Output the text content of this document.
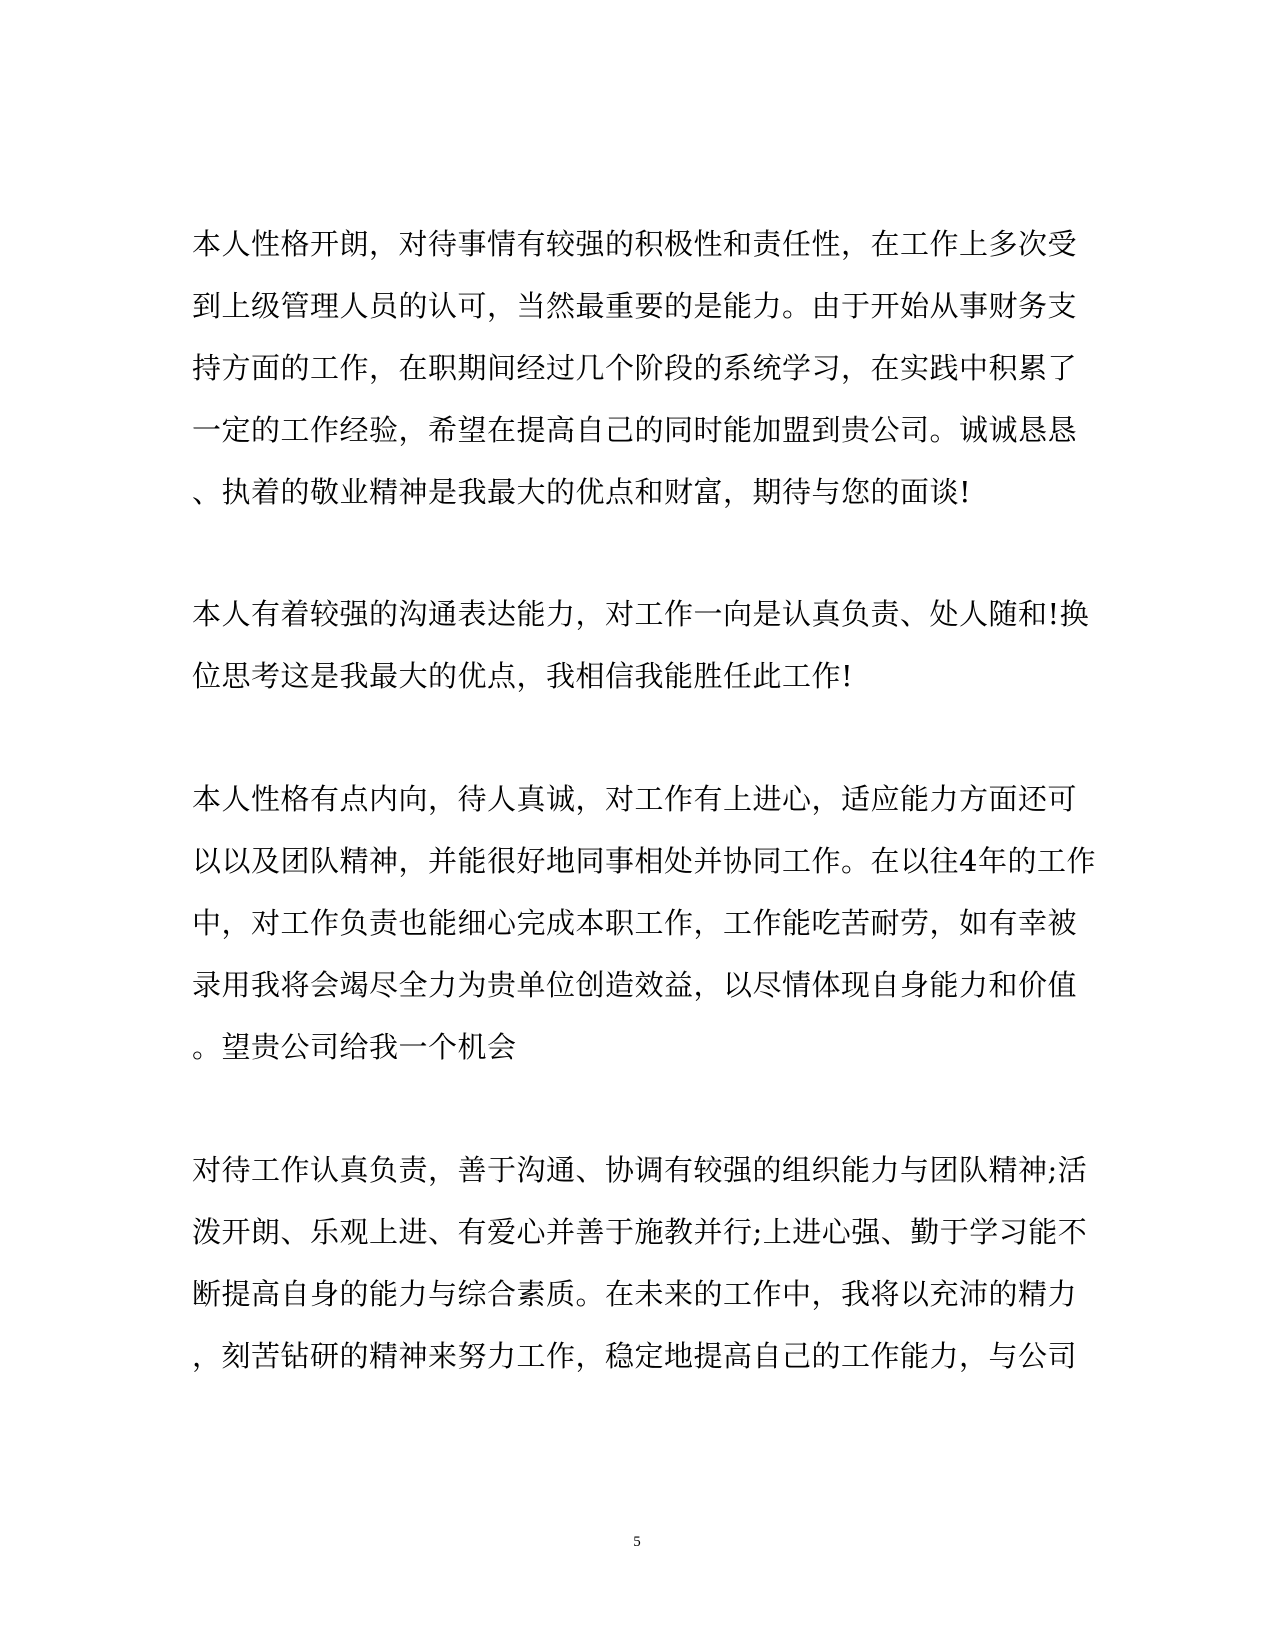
本人性格开朗，对待事情有较强的积极性和责任性，在工作上多次受
到上级管理人员的认可，当然最重要的是能力。由于开始从事财务支
持方面的工作，在职期间经过几个阶段的系统学习，在实践中积累了
一定的工作经验，希望在提高自己的同时能加盟到贵公司。诚诚恳恳
、执着的敬业精神是我最大的优点和财富，期待与您的面谈!
本人有着较强的沟通表达能力，对工作一向是认真负责、处人随和!换
位思考这是我最大的优点，我相信我能胜任此工作!
本人性格有点内向，待人真诚，对工作有上进心，适应能力方面还可
以以及团队精神，并能很好地同事相处并协同工作。在以往4年的工作
中，对工作负责也能细心完成本职工作，工作能吃苦耐劳，如有幸被
录用我将会竭尽全力为贵单位创造效益，以尽情体现自身能力和价值
。望贵公司给我一个机会
对待工作认真负责，善于沟通、协调有较强的组织能力与团队精神;活
泼开朗、乐观上进、有爱心并善于施教并行;上进心强、勤于学习能不
断提高自身的能力与综合素质。在未来的工作中，我将以充沛的精力
，刻苦钻研的精神来努力工作，稳定地提高自己的工作能力，与公司
5
